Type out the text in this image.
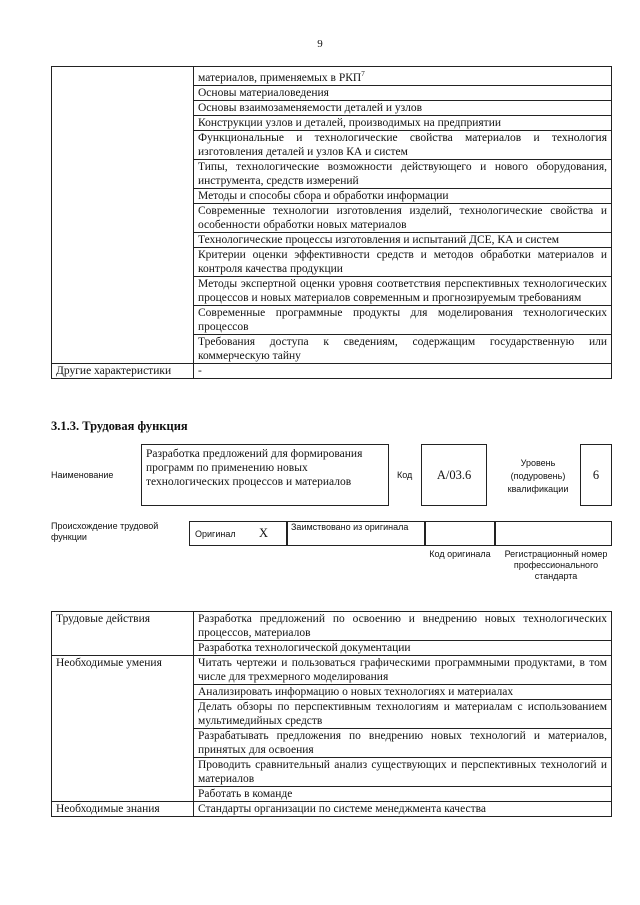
9
	материалов, применяемых в РКП$^7$
	Основы материаловедения
	Основы взаимозаменяемости деталей и узлов
	Конструкции узлов и деталей, производимых на предприятии
	Функциональные и технологические свойства материалов и технология изготовления деталей и узлов КА и систем
	Типы, технологические возможности действующего и нового оборудования, инструмента, средств измерений
	Методы и способы сбора и обработки информации
	Современные технологии изготовления изделий, технологические свойства и особенности обработки новых материалов
	Технологические процессы изготовления и испытаний ДСЕ, КА и систем
	Критерии оценки эффективности средств и методов обработки материалов и контроля качества продукции
	Методы экспертной оценки уровня соответствия перспективных технологических процессов и новых материалов современным и прогнозируемым требованиям
	Современные программные продукты для моделирования технологических процессов
	Требования доступа к сведениям, содержащим государственную или коммерческую тайну
Другие характеристики	-
3.1.3. Трудовая функция
Наименование
Разработка предложений для формирования программ по применению новых технологических процессов и материалов
Код A/03.6
Уровень (подуровень) квалификации
6
Происхождение трудовой функции	Оригинал X	Заимствовано из оригинала
Код оригинала	Регистрационный номер профессионального стандарта
Трудовые действия	Разработка предложений по освоению и внедрению новых технологических процессов, материалов
	Разработка технологической документации
Необходимые умения	Читать чертежи и пользоваться графическими программными продуктами, в том числе для трехмерного моделирования
	Анализировать информацию о новых технологиях и материалах
	Делать обзоры по перспективным технологиям и материалам с использованием мультимедийных средств
	Разрабатывать предложения по внедрению новых технологий и материалов, принятых для освоения
	Проводить сравнительный анализ существующих и перспективных технологий и материалов
	Работать в команде
Необходимые знания	Стандарты организации по системе менеджмента качества
